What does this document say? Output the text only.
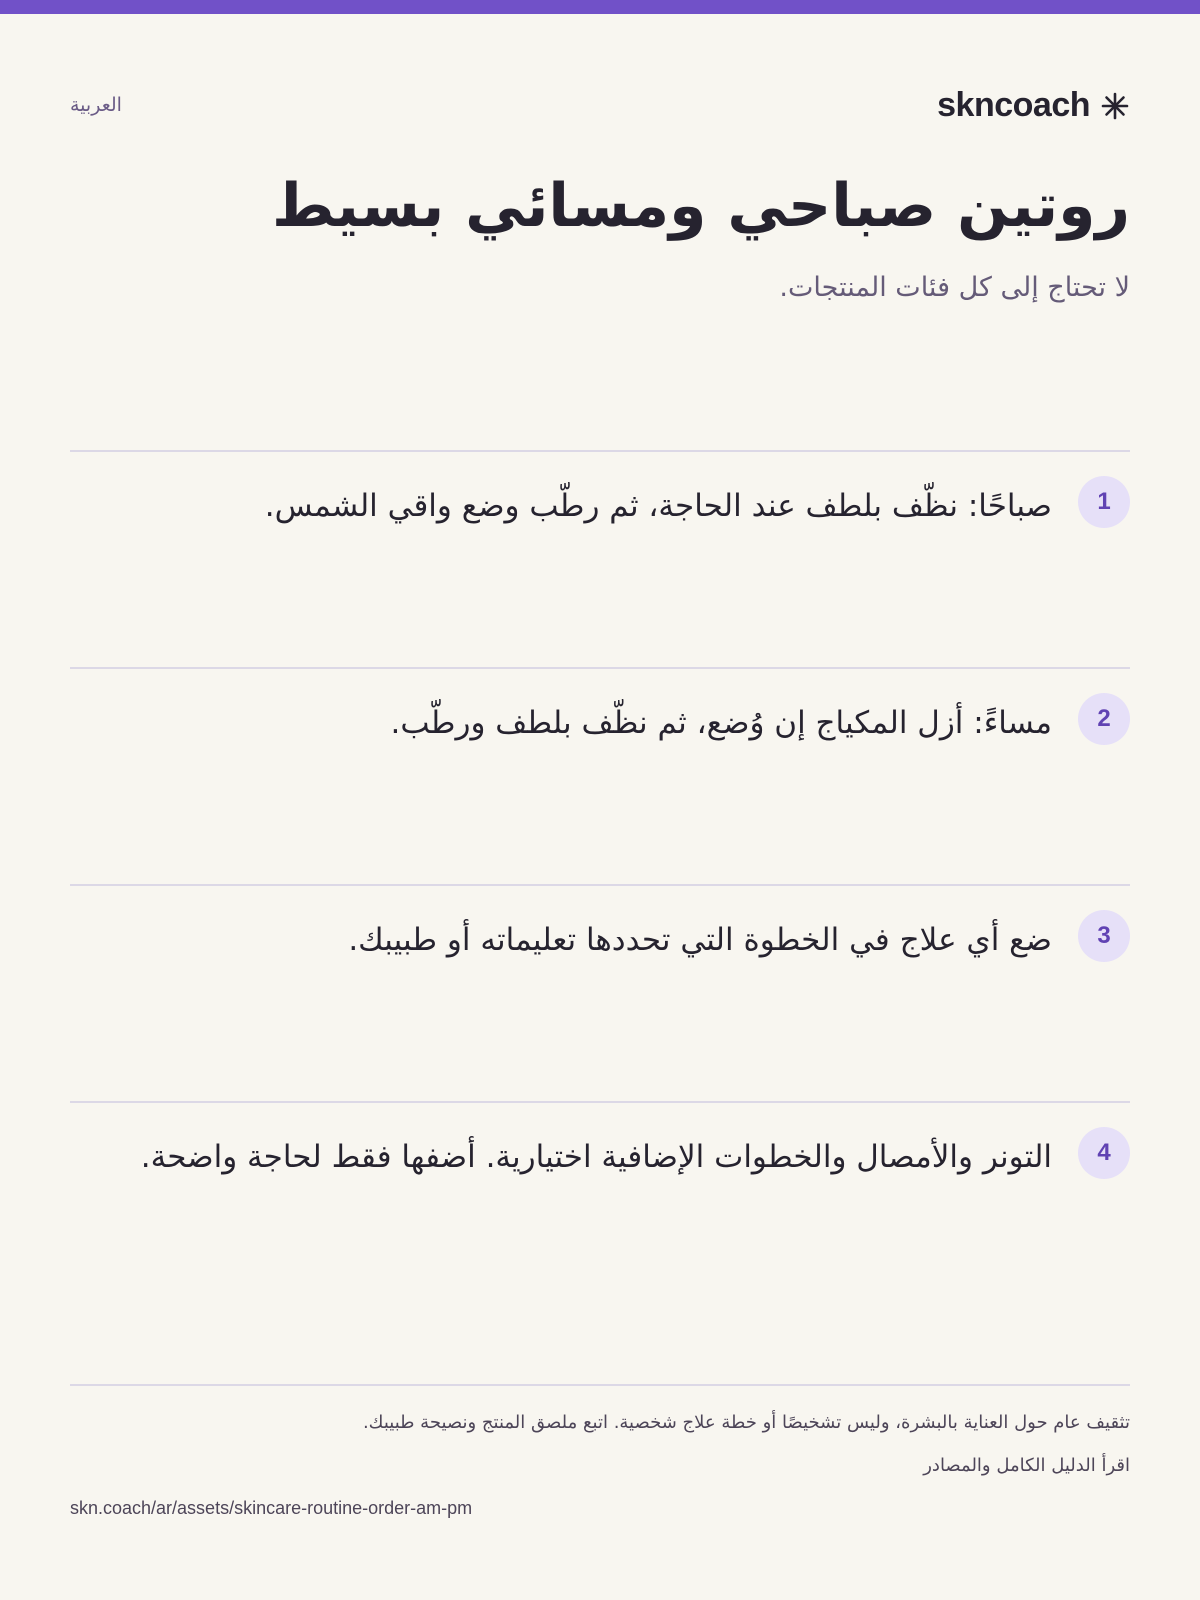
العربية	skncoach
روتين صباحي ومسائي بسيط

لا تحتاج إلى كل فئات المنتجات.

1
صباحًا: نظّف بلطف عند الحاجة، ثم رطّب وضع واقي الشمس.
2
مساءً: أزل المكياج إن وُضع، ثم نظّف بلطف ورطّب.
3
ضع أي علاج في الخطوة التي تحددها تعليماته أو طبيبك.
4
التونر والأمصال والخطوات الإضافية اختيارية. أضفها فقط لحاجة واضحة.

تثقيف عام حول العناية بالبشرة، وليس تشخيصًا أو خطة علاج شخصية. اتبع ملصق المنتج ونصيحة طبيبك.

اقرأ الدليل الكامل والمصادر
skn.coach/ar/assets/skincare-routine-order-am-pm
